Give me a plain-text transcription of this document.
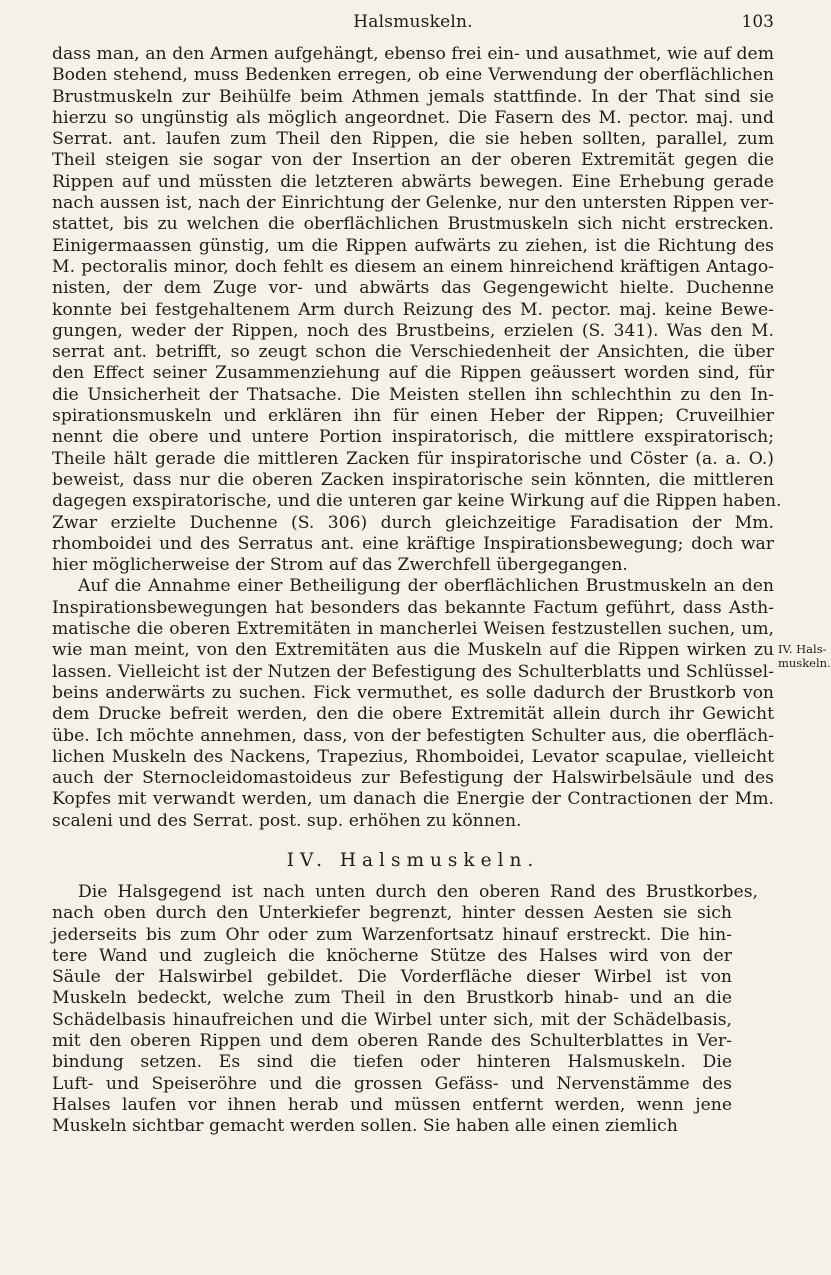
Halsmuskeln.	103
dass man, an den Armen aufgehängt, ebenso frei ein- und ausathmet, wie auf dem
Boden stehend, muss Bedenken erregen, ob eine Verwendung der oberflächlichen
Brustmuskeln zur Beihülfe beim Athmen jemals stattfinde. In der That sind sie
hierzu so ungünstig als möglich angeordnet. Die Fasern des M. pector. maj. und
Serrat. ant. laufen zum Theil den Rippen, die sie heben sollten, parallel, zum
Theil steigen sie sogar von der Insertion an der oberen Extremität gegen die
Rippen auf und müssten die letzteren abwärts bewegen. Eine Erhebung gerade
nach aussen ist, nach der Einrichtung der Gelenke, nur den untersten Rippen ver-
stattet, bis zu welchen die oberflächlichen Brustmuskeln sich nicht erstrecken.
Einigermaassen günstig, um die Rippen aufwärts zu ziehen, ist die Richtung des
M. pectoralis minor, doch fehlt es diesem an einem hinreichend kräftigen Antago-
nisten, der dem Zuge vor- und abwärts das Gegengewicht hielte. Duchenne
konnte bei festgehaltenem Arm durch Reizung des M. pector. maj. keine Bewe-
gungen, weder der Rippen, noch des Brustbeins, erzielen (S. 341). Was den M.
serrat ant. betrifft, so zeugt schon die Verschiedenheit der Ansichten, die über
den Effect seiner Zusammenziehung auf die Rippen geäussert worden sind, für
die Unsicherheit der Thatsache. Die Meisten stellen ihn schlechthin zu den In-
spirationsmuskeln und erklären ihn für einen Heber der Rippen; Cruveilhier
nennt die obere und untere Portion inspiratorisch, die mittlere exspiratorisch;
Theile hält gerade die mittleren Zacken für inspiratorische und Cöster (a. a. O.)
beweist, dass nur die oberen Zacken inspiratorische sein könnten, die mittleren
dagegen exspiratorische, und die unteren gar keine Wirkung auf die Rippen haben.
Zwar erzielte Duchenne (S. 306) durch gleichzeitige Faradisation der Mm.
rhomboidei und des Serratus ant. eine kräftige Inspirationsbewegung; doch war
hier möglicherweise der Strom auf das Zwerchfell übergegangen.
Auf die Annahme einer Betheiligung der oberflächlichen Brustmuskeln an den
Inspirationsbewegungen hat besonders das bekannte Factum geführt, dass Asth-
matische die oberen Extremitäten in mancherlei Weisen festzustellen suchen, um,
wie man meint, von den Extremitäten aus die Muskeln auf die Rippen wirken zu
lassen. Vielleicht ist der Nutzen der Befestigung des Schulterblatts und Schlüssel-
beins anderwärts zu suchen. Fick vermuthet, es solle dadurch der Brustkorb von
dem Drucke befreit werden, den die obere Extremität allein durch ihr Gewicht
übe. Ich möchte annehmen, dass, von der befestigten Schulter aus, die oberfläch-
lichen Muskeln des Nackens, Trapezius, Rhomboidei, Levator scapulae, vielleicht
auch der Sternocleidomastoideus zur Befestigung der Halswirbelsäule und des
Kopfes mit verwandt werden, um danach die Energie der Contractionen der Mm.
scaleni und des Serrat. post. sup. erhöhen zu können.
IV. Halsmuskeln.
Die Halsgegend ist nach unten durch den oberen Rand des Brustkorbes,
nach oben durch den Unterkiefer begrenzt, hinter dessen Aesten sie sich
jederseits bis zum Ohr oder zum Warzenfortsatz hinauf erstreckt. Die hin-
tere Wand und zugleich die knöcherne Stütze des Halses wird von der
Säule der Halswirbel gebildet. Die Vorderfläche dieser Wirbel ist von
Muskeln bedeckt, welche zum Theil in den Brustkorb hinab- und an die
Schädelbasis hinaufreichen und die Wirbel unter sich, mit der Schädelbasis,
mit den oberen Rippen und dem oberen Rande des Schulterblattes in Ver-
bindung setzen. Es sind die tiefen oder hinteren Halsmuskeln. Die
Luft- und Speiseröhre und die grossen Gefäss- und Nervenstämme des
Halses laufen vor ihnen herab und müssen entfernt werden, wenn jene
Muskeln sichtbar gemacht werden sollen. Sie haben alle einen ziemlich
IV. Hals-
muskeln.
